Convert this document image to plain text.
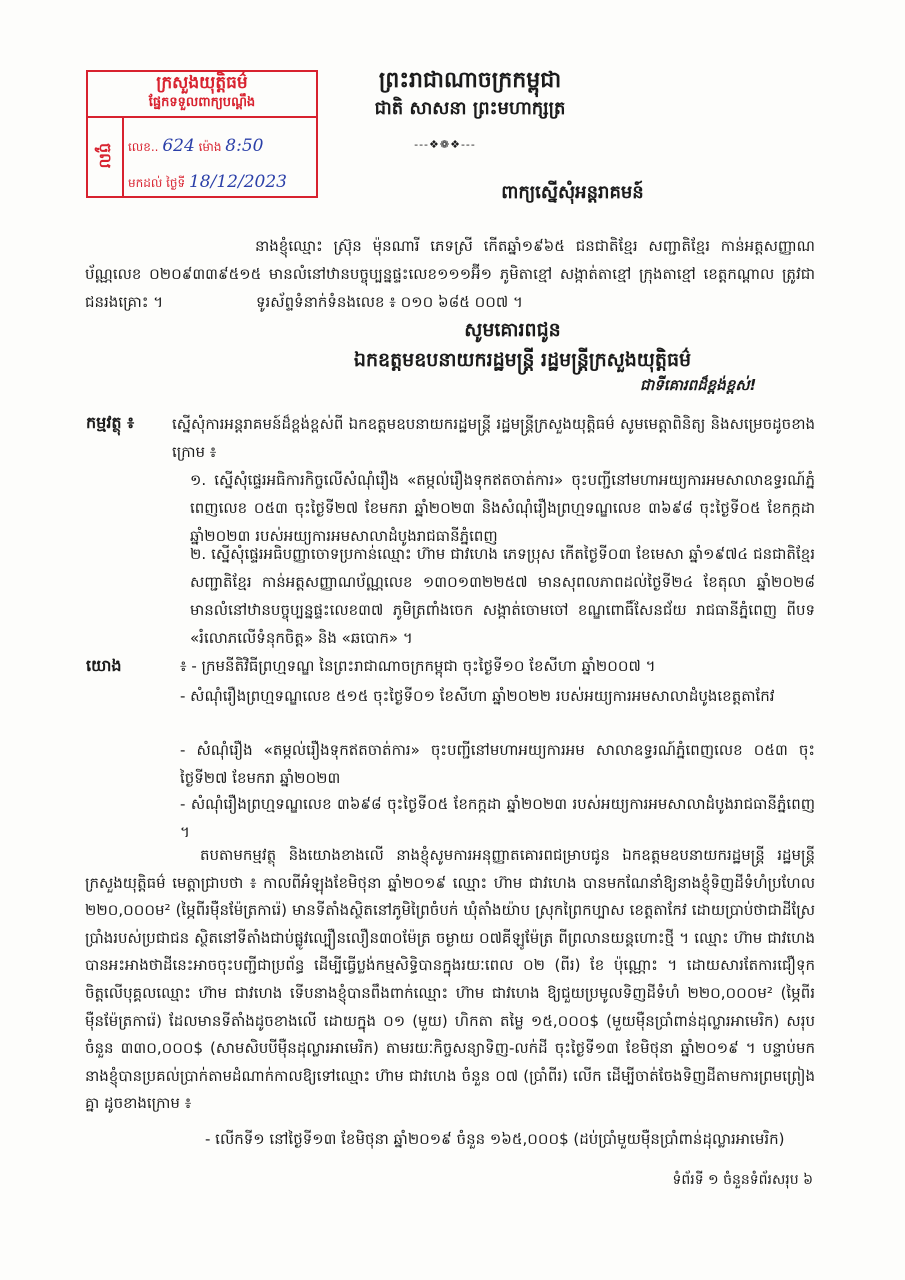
ក្រសួងយុត្តិធម៌
ផ្នែកទទួលពាក្យបណ្តឹង
ចូល	លេខ.. 624 ម៉ោង 8:50
មកដល់ ថ្ងៃទី 18/12/2023
ព្រះរាជាណាចក្រកម្ពុជា
ជាតិ សាសនា ព្រះមហាក្សត្រ
---❖❁❖---
ពាក្យស្នើសុំអន្តរាគមន៍
នាងខ្ញុំឈ្មោះ ស្រ៊ុន ម៉ុនណារី ភេទស្រី កើតឆ្នាំ១៩៦៥ ជនជាតិខ្មែរ សញ្ជាតិខ្មែរ កាន់អត្តសញ្ញាណប័ណ្ណលេខ ០២០៩៣៣៩៥១៥ មានលំនៅឋានបច្ចុប្បន្នផ្ទះលេខ១១១អ៊ី១ ភូមិតាខ្មៅ សង្កាត់តាខ្មៅ ក្រុងតាខ្មៅ ខេត្តកណ្តាល ត្រូវជា ជនរងគ្រោះ ។	ទូរស័ព្ទទំនាក់ទំនងលេខ ៖ ០១០ ៦៨៥ ០០៧ ។
សូមគោរពជូន
ឯកឧត្តមឧបនាយករដ្ឋមន្ត្រី រដ្ឋមន្ត្រីក្រសួងយុត្តិធម៌
ជាទីគោរពដ៏ខ្ពង់ខ្ពស់!
កម្មវត្ថុ ៖	ស្នើសុំការអន្តរាគមន៍ដ៏ខ្ពង់ខ្ពស់ពី ឯកឧត្តមឧបនាយករដ្ឋមន្ត្រី រដ្ឋមន្ត្រីក្រសួងយុត្តិធម៌ សូមមេត្តាពិនិត្យ និងសម្រេចដូចខាងក្រោម ៖
១. ស្នើសុំផ្ទេរអធិការកិច្ចលើសំណុំរឿង «តម្កល់រឿងទុកឥតចាត់ការ» ចុះបញ្ជីនៅមហាអយ្យការអមសាលាឧទ្ធរណ៍ភ្នំពេញលេខ ០៥៣ ចុះថ្ងៃទី២៧ ខែមករា ឆ្នាំ២០២៣ និងសំណុំរឿងព្រហ្មទណ្ឌលេខ ៣៦៩៨ ចុះថ្ងៃទី០៥ ខែកក្កដា ឆ្នាំ២០២៣ របស់អយ្យការអមសាលាដំបូងរាជធានីភ្នំពេញ
២. ស្នើសុំផ្ទេរអធិបញ្ញាចោទប្រកាន់ឈ្មោះ ហ៊ាម ជាវហេង ភេទប្រុស កើតថ្ងៃទី០៣ ខែមេសា ឆ្នាំ១៩៧៤ ជនជាតិខ្មែរ សញ្ជាតិខ្មែរ កាន់អត្តសញ្ញាណប័ណ្ណលេខ ១៣០១៣២២៥៧ មានសុពលភាពដល់ថ្ងៃទី២៤ ខែតុលា ឆ្នាំ២០២៨ មានលំនៅឋានបច្ចុប្បន្នផ្ទះលេខ៣៧ ភូមិត្រពាំងចេក សង្កាត់ចោមចៅ ខណ្ឌពោធិ៍សែនជ័យ រាជធានីភ្នំពេញ ពីបទ «រំលោភលើទំនុកចិត្ត» និង «ឆបោក» ។
យោង	៖ - ក្រមនីតិវិធីព្រហ្មទណ្ឌ នៃព្រះរាជាណាចក្រកម្ពុជា ចុះថ្ងៃទី១០ ខែសីហា ឆ្នាំ២០០៧ ។
- សំណុំរឿងព្រហ្មទណ្ឌលេខ ៥១៥ ចុះថ្ងៃទី០១ ខែសីហា ឆ្នាំ២០២២ របស់អយ្យការអមសាលាដំបូងខេត្តតាកែវ
- សំណុំរឿង «តម្កល់រឿងទុកឥតចាត់ការ» ចុះបញ្ជីនៅមហាអយ្យការអម សាលាឧទ្ធរណ៍ភ្នំពេញលេខ ០៥៣ ចុះថ្ងៃទី២៧ ខែមករា ឆ្នាំ២០២៣
- សំណុំរឿងព្រហ្មទណ្ឌលេខ ៣៦៩៨ ចុះថ្ងៃទី០៥ ខែកក្កដា ឆ្នាំ២០២៣ របស់អយ្យការអមសាលាដំបូងរាជធានីភ្នំពេញ ។
តបតាមកម្មវត្ថុ និងយោងខាងលើ នាងខ្ញុំសូមការអនុញ្ញាតគោរពជម្រាបជូន ឯកឧត្តមឧបនាយករដ្ឋមន្ត្រី រដ្ឋមន្ត្រីក្រសួងយុត្តិធម៌ មេត្តាជ្រាបថា ៖ កាលពីអំឡុងខែមិថុនា ឆ្នាំ២០១៩ ឈ្មោះ ហ៊ាម ជាវហេង បានមកណែនាំឱ្យនាងខ្ញុំទិញដីទំហំប្រហែល ២២០,០០០ម² (ម្ភៃពីរម៉ឺនម៉ែត្រការ៉េ) មានទីតាំងស្ថិតនៅភូមិព្រៃចំបក់ ឃុំតាំងយ៉ាប ស្រុកព្រៃកប្បាស ខេត្តតាកែវ ដោយប្រាប់ថាជាដីស្រែប្រាំងរបស់ប្រជាជន ស្ថិតនៅទីតាំងជាប់ផ្លូវល្បឿនលឿន៣០ម៉ែត្រ ចម្ងាយ ០៧គីឡូម៉ែត្រ ពីព្រលានយន្តហោះថ្មី ។ ឈ្មោះ ហ៊ាម ជាវហេង បានអះអាងថាដីនេះអាចចុះបញ្ជីជាប្រព័ន្ធ ដើម្បីធ្វើប្លង់កម្មសិទ្ធិបានក្នុងរយៈពេល ០២ (ពីរ) ខែ ប៉ុណ្ណោះ ។ ដោយសារតែការជឿទុកចិត្តលើបុគ្គលឈ្មោះ ហ៊ាម ជាវហេង ទើបនាងខ្ញុំបានពឹងពាក់ឈ្មោះ ហ៊ាម ជាវហេង ឱ្យជួយប្រមូលទិញដីទំហំ ២២០,០០០ម² (ម្ភៃពីរម៉ឺនម៉ែត្រការ៉េ) ដែលមានទីតាំងដូចខាងលើ ដោយក្នុង ០១ (មួយ) ហិកតា តម្លៃ ១៥,០០០$ (មួយម៉ឺនប្រាំពាន់ដុល្លារអាមេរិក) សរុបចំនួន ៣៣០,០០០$ (សាមសិបបីម៉ឺនដុល្លារអាមេរិក) តាមរយៈកិច្ចសន្យាទិញ-លក់ដី ចុះថ្ងៃទី១៣ ខែមិថុនា ឆ្នាំ២០១៩ ។ បន្ទាប់មក នាងខ្ញុំបានប្រគល់ប្រាក់តាមដំណាក់កាលឱ្យទៅឈ្មោះ ហ៊ាម ជាវហេង ចំនួន ០៧ (ប្រាំពីរ) លើក ដើម្បីចាត់ចែងទិញដីតាមការព្រមព្រៀងគ្នា ដូចខាងក្រោម ៖
- លើកទី១ នៅថ្ងៃទី១៣ ខែមិថុនា ឆ្នាំ២០១៩ ចំនួន ១៦៥,០០០$ (ដប់ប្រាំមួយម៉ឺនប្រាំពាន់ដុល្លារអាមេរិក)
ទំព័រទី ១ ចំនួនទំព័រសរុប ៦
